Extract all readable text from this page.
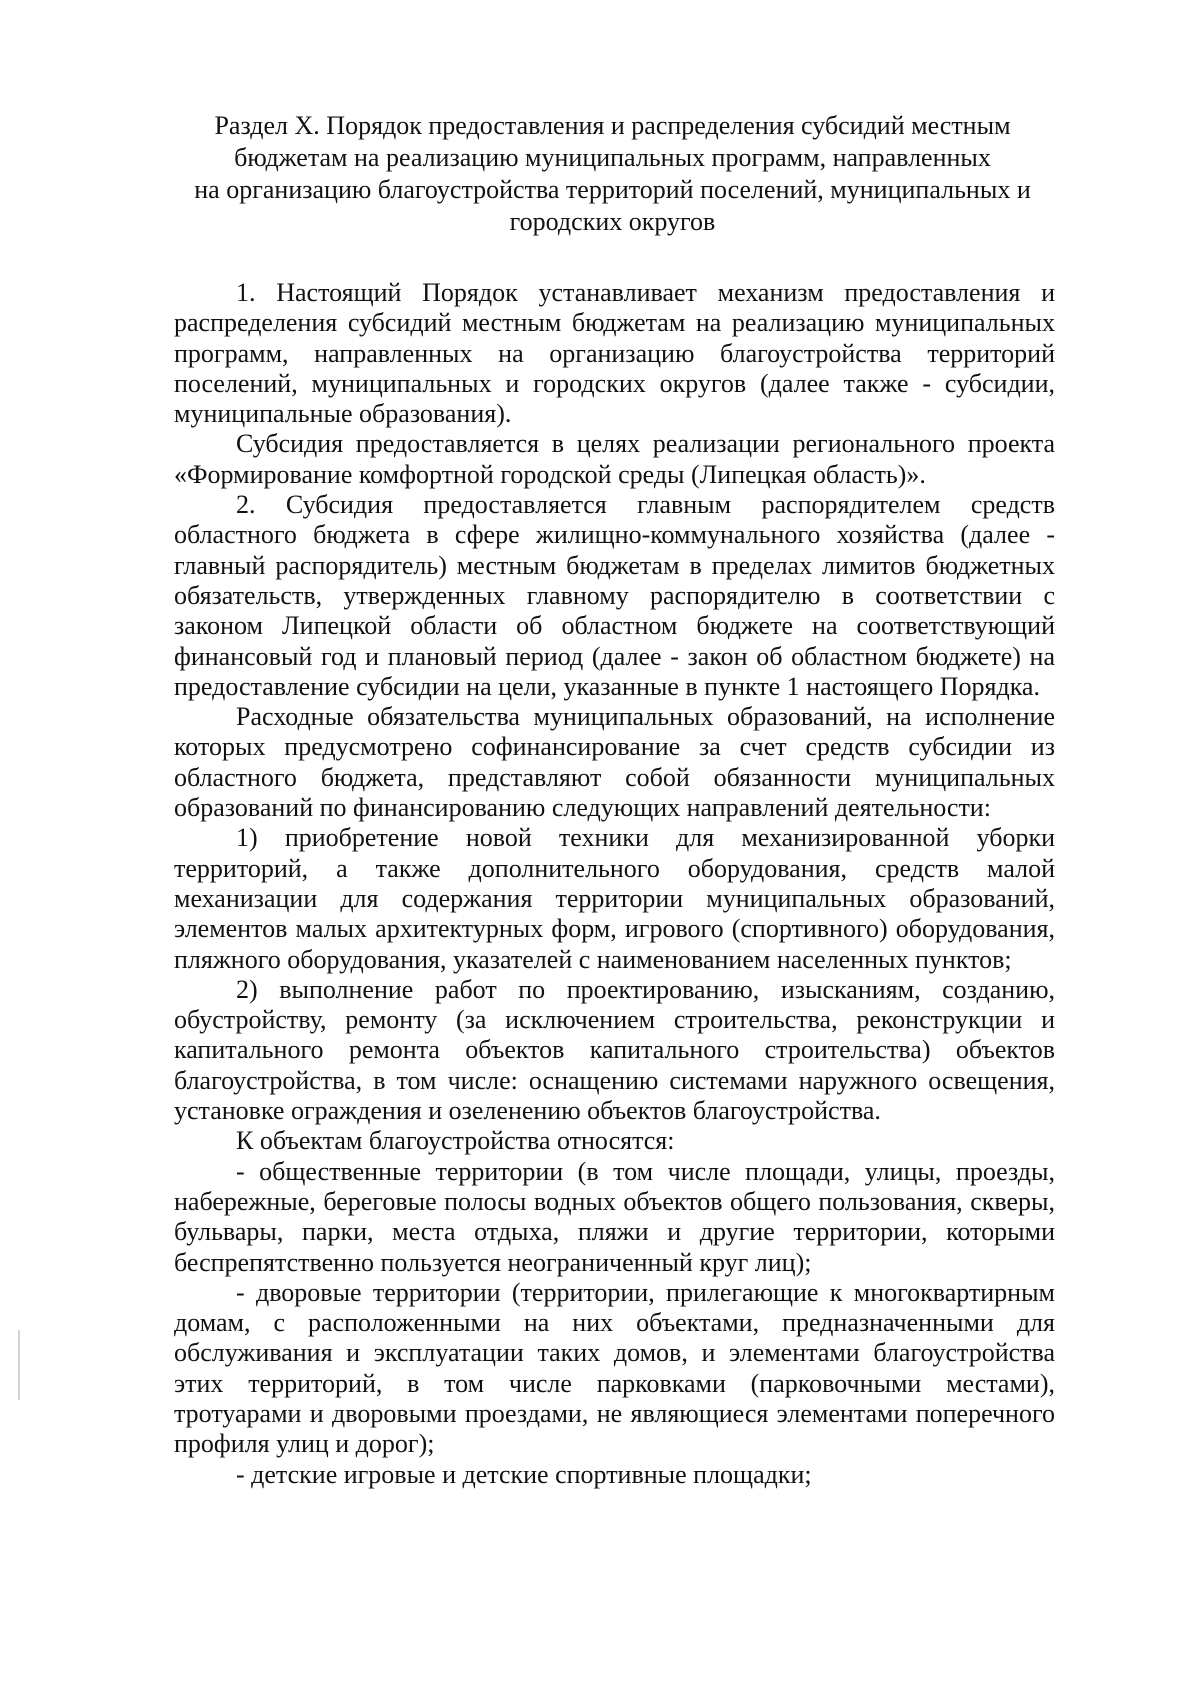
Раздел X. Порядок предоставления и распределения субсидий местным
бюджетам на реализацию муниципальных программ, направленных
на организацию благоустройства территорий поселений, муниципальных и
городских округов

1. Настоящий Порядок устанавливает механизм предоставления и распределения субсидий местным бюджетам на реализацию муниципальных программ, направленных на организацию благоустройства территорий поселений, муниципальных и городских округов (далее также - субсидии, муниципальные образования).

Субсидия предоставляется в целях реализации регионального проекта «Формирование комфортной городской среды (Липецкая область)».

2. Субсидия предоставляется главным распорядителем средств областного бюджета в сфере жилищно-коммунального хозяйства (далее - главный распорядитель) местным бюджетам в пределах лимитов бюджетных обязательств, утвержденных главному распорядителю в соответствии с законом Липецкой области об областном бюджете на соответствующий финансовый год и плановый период (далее - закон об областном бюджете) на предоставление субсидии на цели, указанные в пункте 1 настоящего Порядка.

Расходные обязательства муниципальных образований, на исполнение которых предусмотрено софинансирование за счет средств субсидии из областного бюджета, представляют собой обязанности муниципальных образований по финансированию следующих направлений деятельности:

1) приобретение новой техники для механизированной уборки территорий, а также дополнительного оборудования, средств малой механизации для содержания территории муниципальных образований, элементов малых архитектурных форм, игрового (спортивного) оборудования, пляжного оборудования, указателей с наименованием населенных пунктов;

2) выполнение работ по проектированию, изысканиям, созданию, обустройству, ремонту (за исключением строительства, реконструкции и капитального ремонта объектов капитального строительства) объектов благоустройства, в том числе: оснащению системами наружного освещения, установке ограждения и озеленению объектов благоустройства.

К объектам благоустройства относятся:

- общественные территории (в том числе площади, улицы, проезды, набережные, береговые полосы водных объектов общего пользования, скверы, бульвары, парки, места отдыха, пляжи и другие территории, которыми беспрепятственно пользуется неограниченный круг лиц);

- дворовые территории (территории, прилегающие к многоквартирным домам, с расположенными на них объектами, предназначенными для обслуживания и эксплуатации таких домов, и элементами благоустройства этих территорий, в том числе парковками (парковочными местами), тротуарами и дворовыми проездами, не являющиеся элементами поперечного профиля улиц и дорог);

- детские игровые и детские спортивные площадки;
